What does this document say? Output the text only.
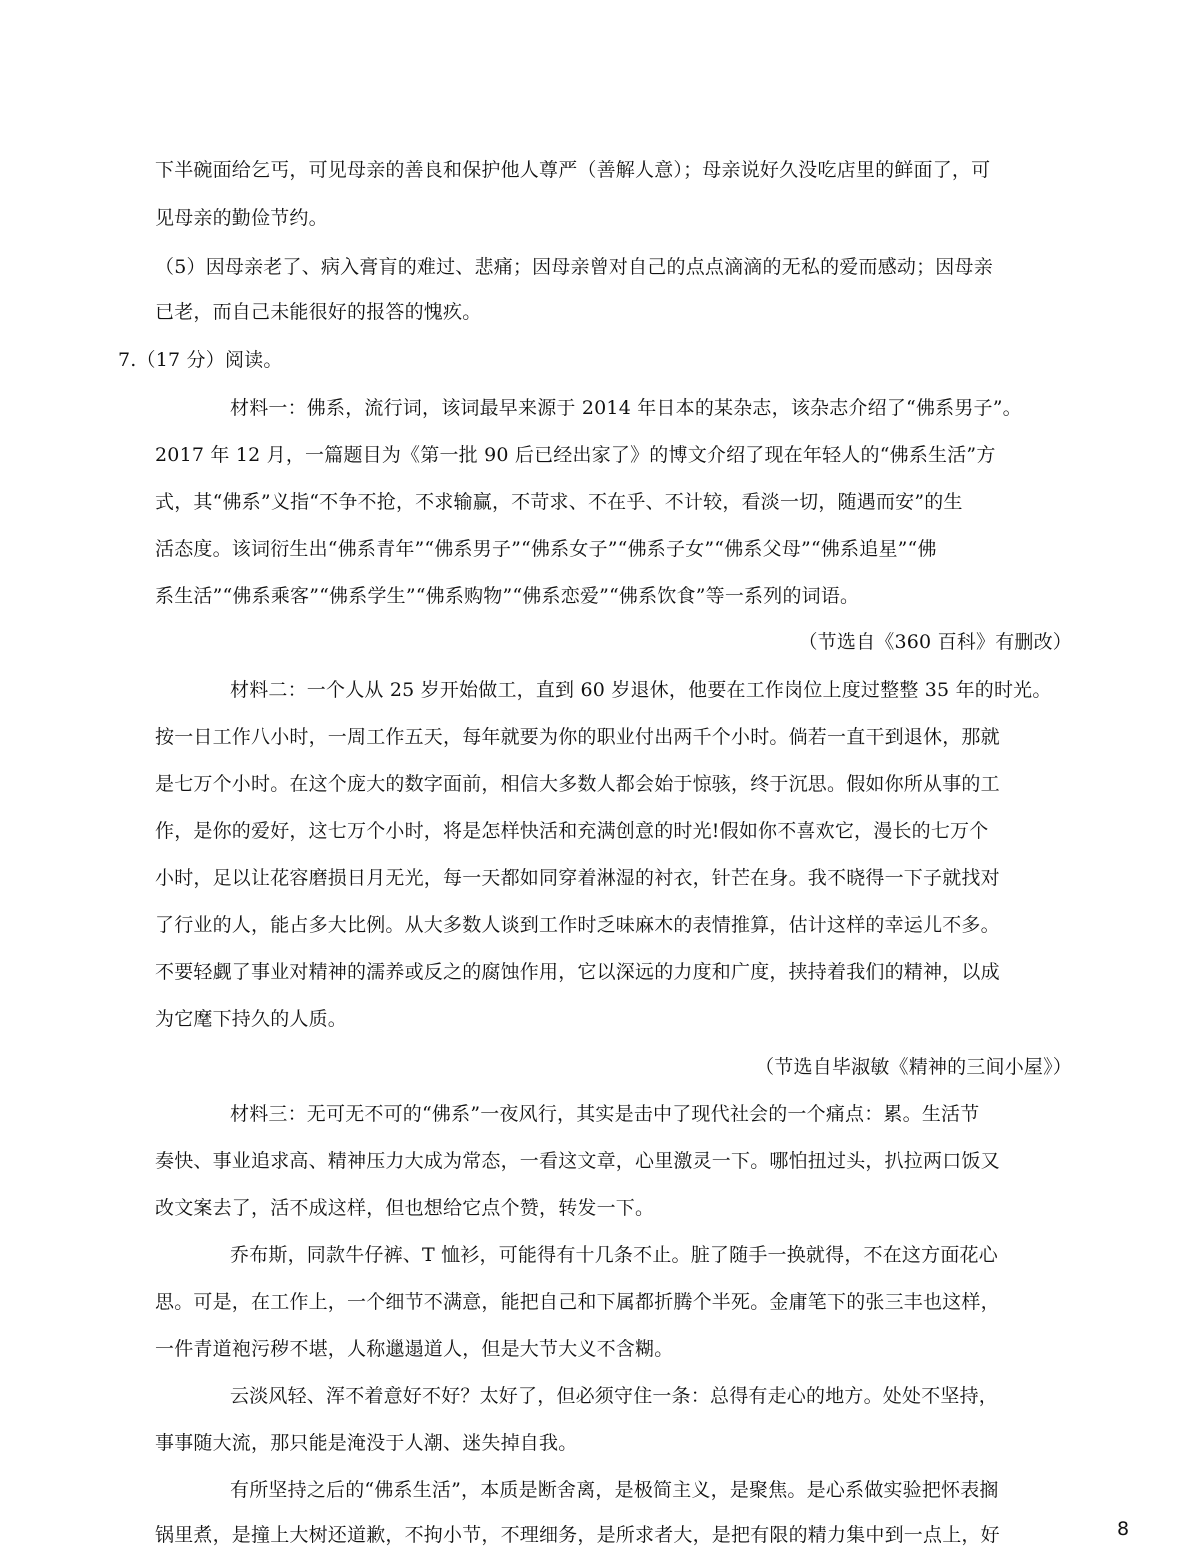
下半碗面给乞丐，可见母亲的善良和保护他人尊严（善解人意）；母亲说好久没吃店里的鲜面了，可
见母亲的勤俭节约。
（5）因母亲老了、病入膏肓的难过、悲痛；因母亲曾对自己的点点滴滴的无私的爱而感动；因母亲
已老，而自己未能很好的报答的愧疚。
7.（17 分）阅读。
材料一：佛系，流行词，该词最早来源于 2014 年日本的某杂志，该杂志介绍了“佛系男子”。
2017 年 12 月，一篇题目为《第一批 90 后已经出家了》的博文介绍了现在年轻人的“佛系生活”方
式，其“佛系”义指“不争不抢，不求输赢，不苛求、不在乎、不计较，看淡一切，随遇而安”的生
活态度。该词衍生出“佛系青年”“佛系男子”“佛系女子”“佛系子女”“佛系父母”“佛系追星”“佛
系生活”“佛系乘客”“佛系学生”“佛系购物”“佛系恋爱”“佛系饮食”等一系列的词语。
（节选自《360 百科》有删改）
材料二：一个人从 25 岁开始做工，直到 60 岁退休，他要在工作岗位上度过整整 35 年的时光。
按一日工作八小时，一周工作五天，每年就要为你的职业付出两千个小时。倘若一直干到退休，那就
是七万个小时。在这个庞大的数字面前，相信大多数人都会始于惊骇，终于沉思。假如你所从事的工
作，是你的爱好，这七万个小时，将是怎样快活和充满创意的时光!假如你不喜欢它，漫长的七万个
小时，足以让花容磨损日月无光，每一天都如同穿着淋湿的衬衣，针芒在身。我不晓得一下子就找对
了行业的人，能占多大比例。从大多数人谈到工作时乏味麻木的表情推算，估计这样的幸运儿不多。
不要轻觑了事业对精神的濡养或反之的腐蚀作用，它以深远的力度和广度，挟持着我们的精神，以成
为它麾下持久的人质。
（节选自毕淑敏《精神的三间小屋》）
材料三：无可无不可的“佛系”一夜风行，其实是击中了现代社会的一个痛点：累。生活节
奏快、事业追求高、精神压力大成为常态，一看这文章，心里激灵一下。哪怕扭过头，扒拉两口饭又
改文案去了，活不成这样，但也想给它点个赞，转发一下。
乔布斯，同款牛仔裤、T 恤衫，可能得有十几条不止。脏了随手一换就得，不在这方面花心
思。可是，在工作上，一个细节不满意，能把自己和下属都折腾个半死。金庸笔下的张三丰也这样，
一件青道袍污秽不堪，人称邋遢道人，但是大节大义不含糊。
云淡风轻、浑不着意好不好？太好了，但必须守住一条：总得有走心的地方。处处不坚持，
事事随大流，那只能是淹没于人潮、迷失掉自我。
有所坚持之后的“佛系生活”，本质是断舍离，是极简主义，是聚焦。是心系做实验把怀表搁
锅里煮，是撞上大树还道歉，不拘小节，不理细务，是所求者大，是把有限的精力集中到一点上，好	8
